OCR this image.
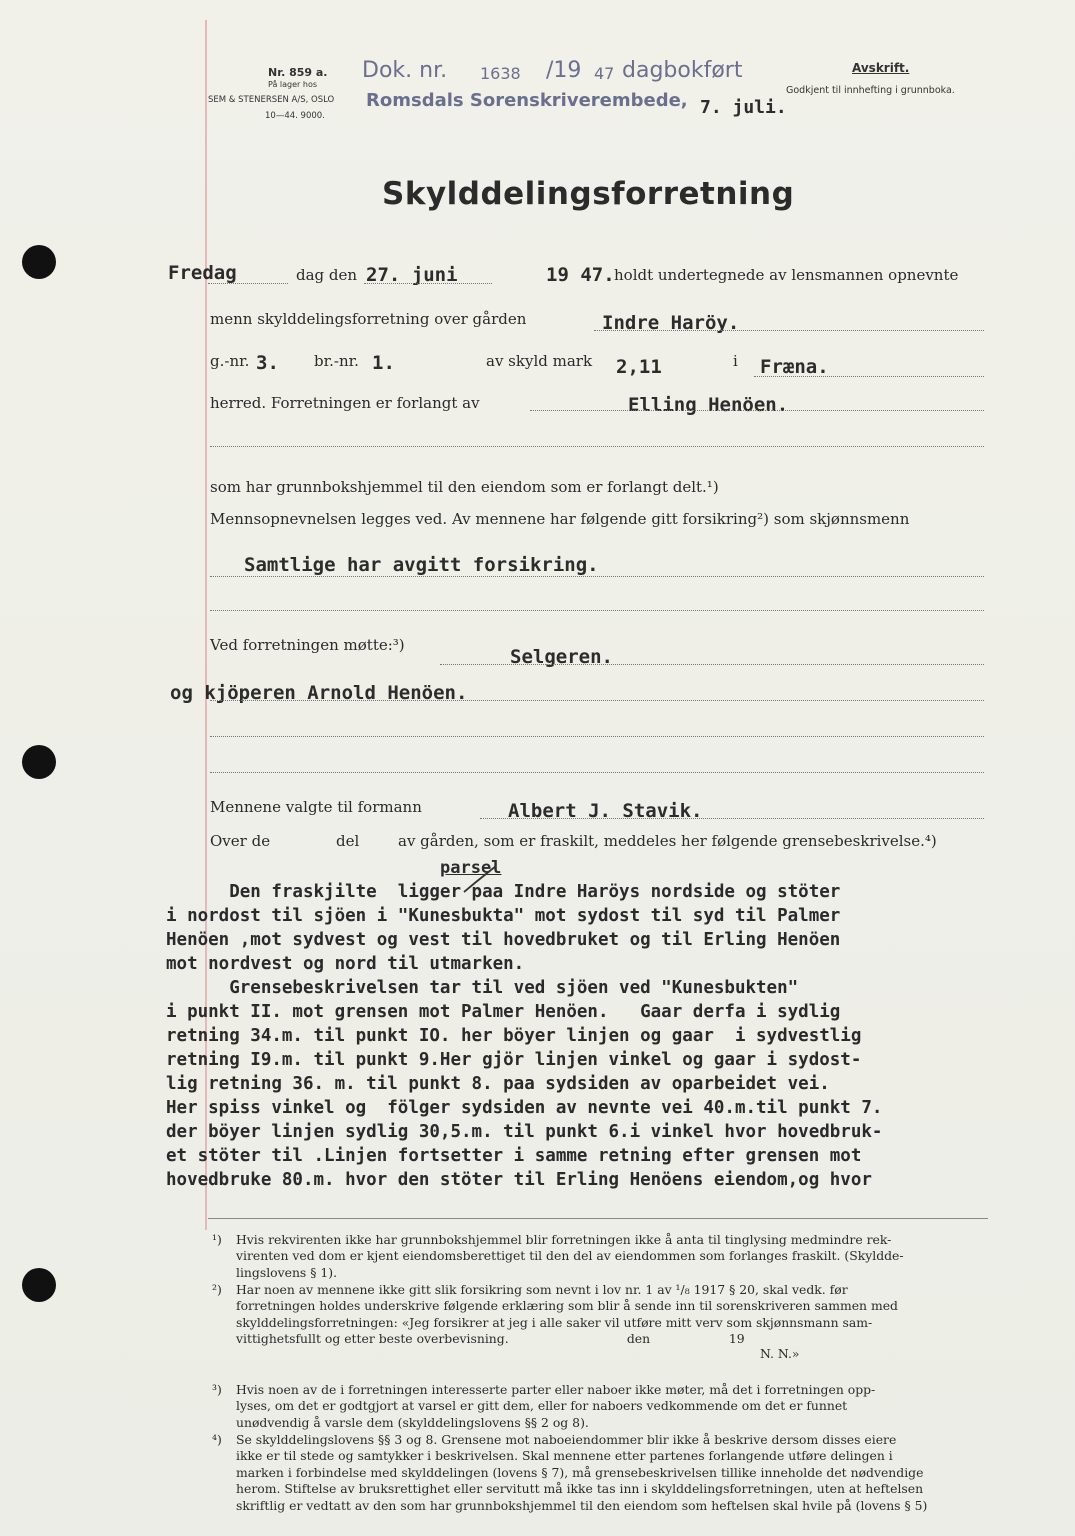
Nr. 859 a.
På lager hos
SEM & STENERSEN A/S, OSLO
10—44. 9000.
Dok. nr. 1638 /19 47 dagbokført
Romsdals Sorenskriverembede, 7. juli.
Avskrift.
Godkjent til innhefting i grunnboka.
Skylddelingsforretning
Fredag	dag den 27. juni	19 47. holdt undertegnede av lensmannen opnevnte
menn skylddelingsforretning over gården	Indre Haröy.
g.-nr. 3. br.-nr. 1.	av skyld mark 2,11	i Fræna.
herred. Forretningen er forlangt av	Elling Henöen.
som har grunnbokshjemmel til den eiendom som er forlangt delt.¹)
Mennsopnevnelsen legges ved. Av mennene har følgende gitt forsikring²) som skjønnsmenn
Samtlige har avgitt forsikring.
Ved forretningen møtte:³)
Selgeren.
og kjöperen Arnold Henöen.
Mennene valgte til formann	Albert J. Stavik.
Over de	del	av gården, som er fraskilt, meddeles her følgende grensebeskrivelse.⁴)
parsel
Den fraskjilte  ligger paa Indre Haröys nordside og stöter
i nordost til sjöen i "Kunesbukta" mot sydost til syd til Palmer
Henöen ,mot sydvest og vest til hovedbruket og til Erling Henöen
mot nordvest og nord til utmarken.
Grensebeskrivelsen tar til ved sjöen ved "Kunesbukten"
i punkt II. mot grensen mot Palmer Henöen.   Gaar derfa i sydlig
retning 34.m. til punkt IO. her böyer linjen og gaar  i sydvestlig
retning I9.m. til punkt 9.Her gjör linjen vinkel og gaar i sydost-
lig retning 36. m. til punkt 8. paa sydsiden av oparbeidet vei.
Her spiss vinkel og  fölger sydsiden av nevnte vei 40.m.til punkt 7.
der böyer linjen sydlig 30,5.m. til punkt 6.i vinkel hvor hovedbruk-
et stöter til .Linjen fortsetter i samme retning efter grensen mot
hovedbruke 80.m. hvor den stöter til Erling Henöens eiendom,og hvor
¹) Hvis rekvirenten ikke har grunnbokshjemmel blir forretningen ikke å anta til tinglysing medmindre rek-
virenten ved dom er kjent eiendomsberettiget til den del av eiendommen som forlanges fraskilt. (Skyldde-
lingslovens § 1).
²) Har noen av mennene ikke gitt slik forsikring som nevnt i lov nr. 1 av ¹/₈ 1917 § 20, skal vedk. før
forretningen holdes underskrive følgende erklæring som blir å sende inn til sorenskriveren sammen med
skylddelingsforretningen: «Jeg forsikrer at jeg i alle saker vil utføre mitt verv som skjønnsmann sam-
vittighetsfullt og etter beste overbevisning.                              den                    19
N. N.»
³) Hvis noen av de i forretningen interesserte parter eller naboer ikke møter, må det i forretningen opp-
lyses, om det er godtgjort at varsel er gitt dem, eller for naboers vedkommende om det er funnet
unødvendig å varsle dem (skylddelingslovens §§ 2 og 8).
⁴) Se skylddelingslovens §§ 3 og 8. Grensene mot naboeiendommer blir ikke å beskrive dersom disses eiere
ikke er til stede og samtykker i beskrivelsen. Skal mennene etter partenes forlangende utføre delingen i
marken i forbindelse med skylddelingen (lovens § 7), må grensebeskrivelsen tillike inneholde det nødvendige
herom. Stiftelse av bruksrettighet eller servitutt må ikke tas inn i skylddelingsforretningen, uten at heftelsen
skriftlig er vedtatt av den som har grunnbokshjemmel til den eiendom som heftelsen skal hvile på (lovens § 5)
